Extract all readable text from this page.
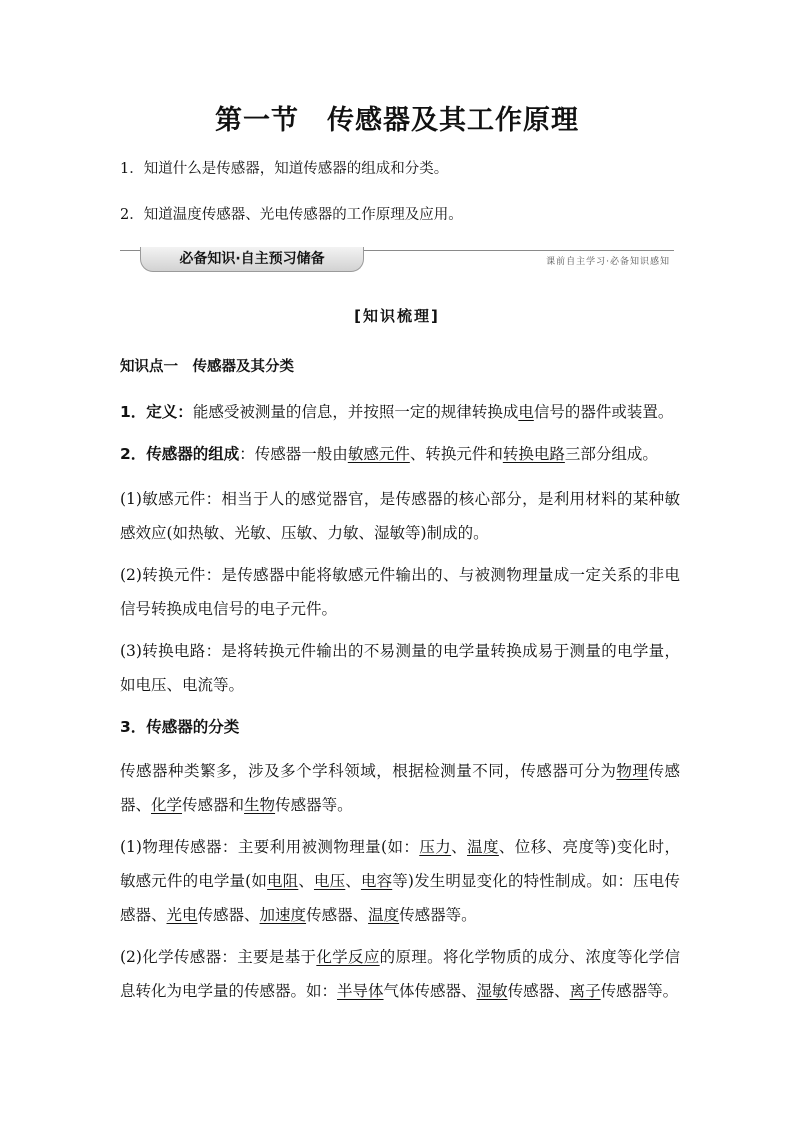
第一节　传感器及其工作原理
1．知道什么是传感器，知道传感器的组成和分类。
2．知道温度传感器、光电传感器的工作原理及应用。
必备知识·自主预习储备	课前自主学习·必备知识感知
[知识梳理]
知识点一　传感器及其分类
1．定义：能感受被测量的信息，并按照一定的规律转换成电信号的器件或装置。
2．传感器的组成：传感器一般由敏感元件、转换元件和转换电路三部分组成。
(1)敏感元件：相当于人的感觉器官，是传感器的核心部分，是利用材料的某种敏感效应(如热敏、光敏、压敏、力敏、湿敏等)制成的。
(2)转换元件：是传感器中能将敏感元件输出的、与被测物理量成一定关系的非电信号转换成电信号的电子元件。
(3)转换电路：是将转换元件输出的不易测量的电学量转换成易于测量的电学量，如电压、电流等。
3．传感器的分类
传感器种类繁多，涉及多个学科领域，根据检测量不同，传感器可分为物理传感器、化学传感器和生物传感器等。
(1)物理传感器：主要利用被测物理量(如：压力、温度、位移、亮度等)变化时，敏感元件的电学量(如电阻、电压、电容等)发生明显变化的特性制成。如：压电传感器、光电传感器、加速度传感器、温度传感器等。
(2)化学传感器：主要是基于化学反应的原理。将化学物质的成分、浓度等化学信息转化为电学量的传感器。如：半导体气体传感器、湿敏传感器、离子传感器等。
